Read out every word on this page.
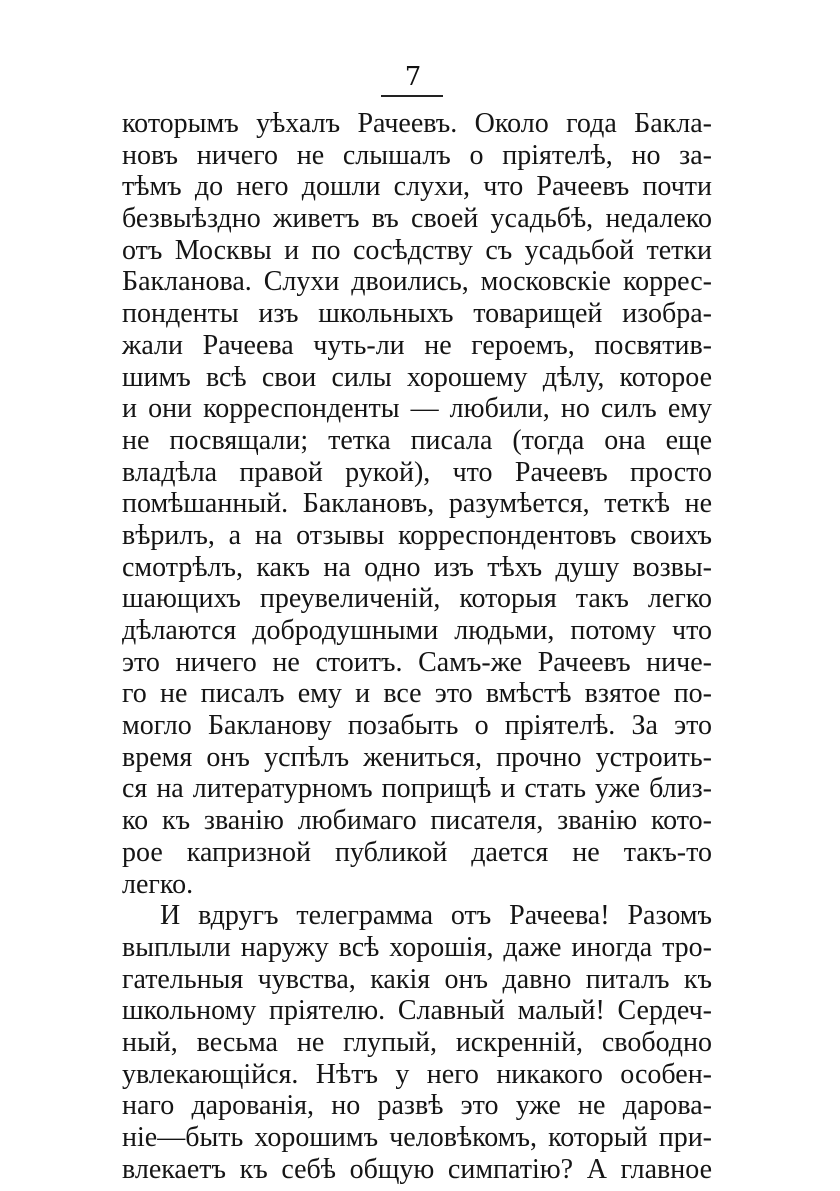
7
которымъ уѣхалъ Рачеевъ. Около года Бакла-
новъ ничего не слышалъ о пріятелѣ, но за-
тѣмъ до него дошли слухи, что Рачеевъ почти
безвыѣздно живетъ въ своей усадьбѣ, недалеко
отъ Москвы и по сосѣдству съ усадьбой тетки
Бакланова. Слухи двоились, московскіе коррес-
понденты изъ школьныхъ товарищей изобра-
жали Рачеева чуть-ли не героемъ, посвятив-
шимъ всѣ свои силы хорошему дѣлу, которое
и они корреспонденты — любили, но силъ ему
не посвящали; тетка писала (тогда она еще
владѣла правой рукой), что Рачеевъ просто
помѣшанный. Баклановъ, разумѣется, теткѣ не
вѣрилъ, а на отзывы корреспондентовъ своихъ
смотрѣлъ, какъ на одно изъ тѣхъ душу возвы-
шающихъ преувеличеній, которыя такъ легко
дѣлаются добродушными людьми, потому что
это ничего не стоитъ. Самъ-же Рачеевъ ниче-
го не писалъ ему и все это вмѣстѣ взятое по-
могло Бакланову позабыть о пріятелѣ. За это
время онъ успѣлъ жениться, прочно устроить-
ся на литературномъ поприщѣ и стать уже близ-
ко къ званію любимаго писателя, званію кото-
рое капризной публикой дается не такъ-то
легко.
И вдругъ телеграмма отъ Рачеева! Разомъ
выплыли наружу всѣ хорошія, даже иногда тро-
гательныя чувства, какія онъ давно питалъ къ
школьному пріятелю. Славный малый! Сердеч-
ный, весьма не глупый, искренній, свободно
увлекающійся. Нѣтъ у него никакого особен-
наго дарованія, но развѣ это уже не дарова-
ніе—быть хорошимъ человѣкомъ, который при-
влекаетъ къ себѣ общую симпатію? А главное
